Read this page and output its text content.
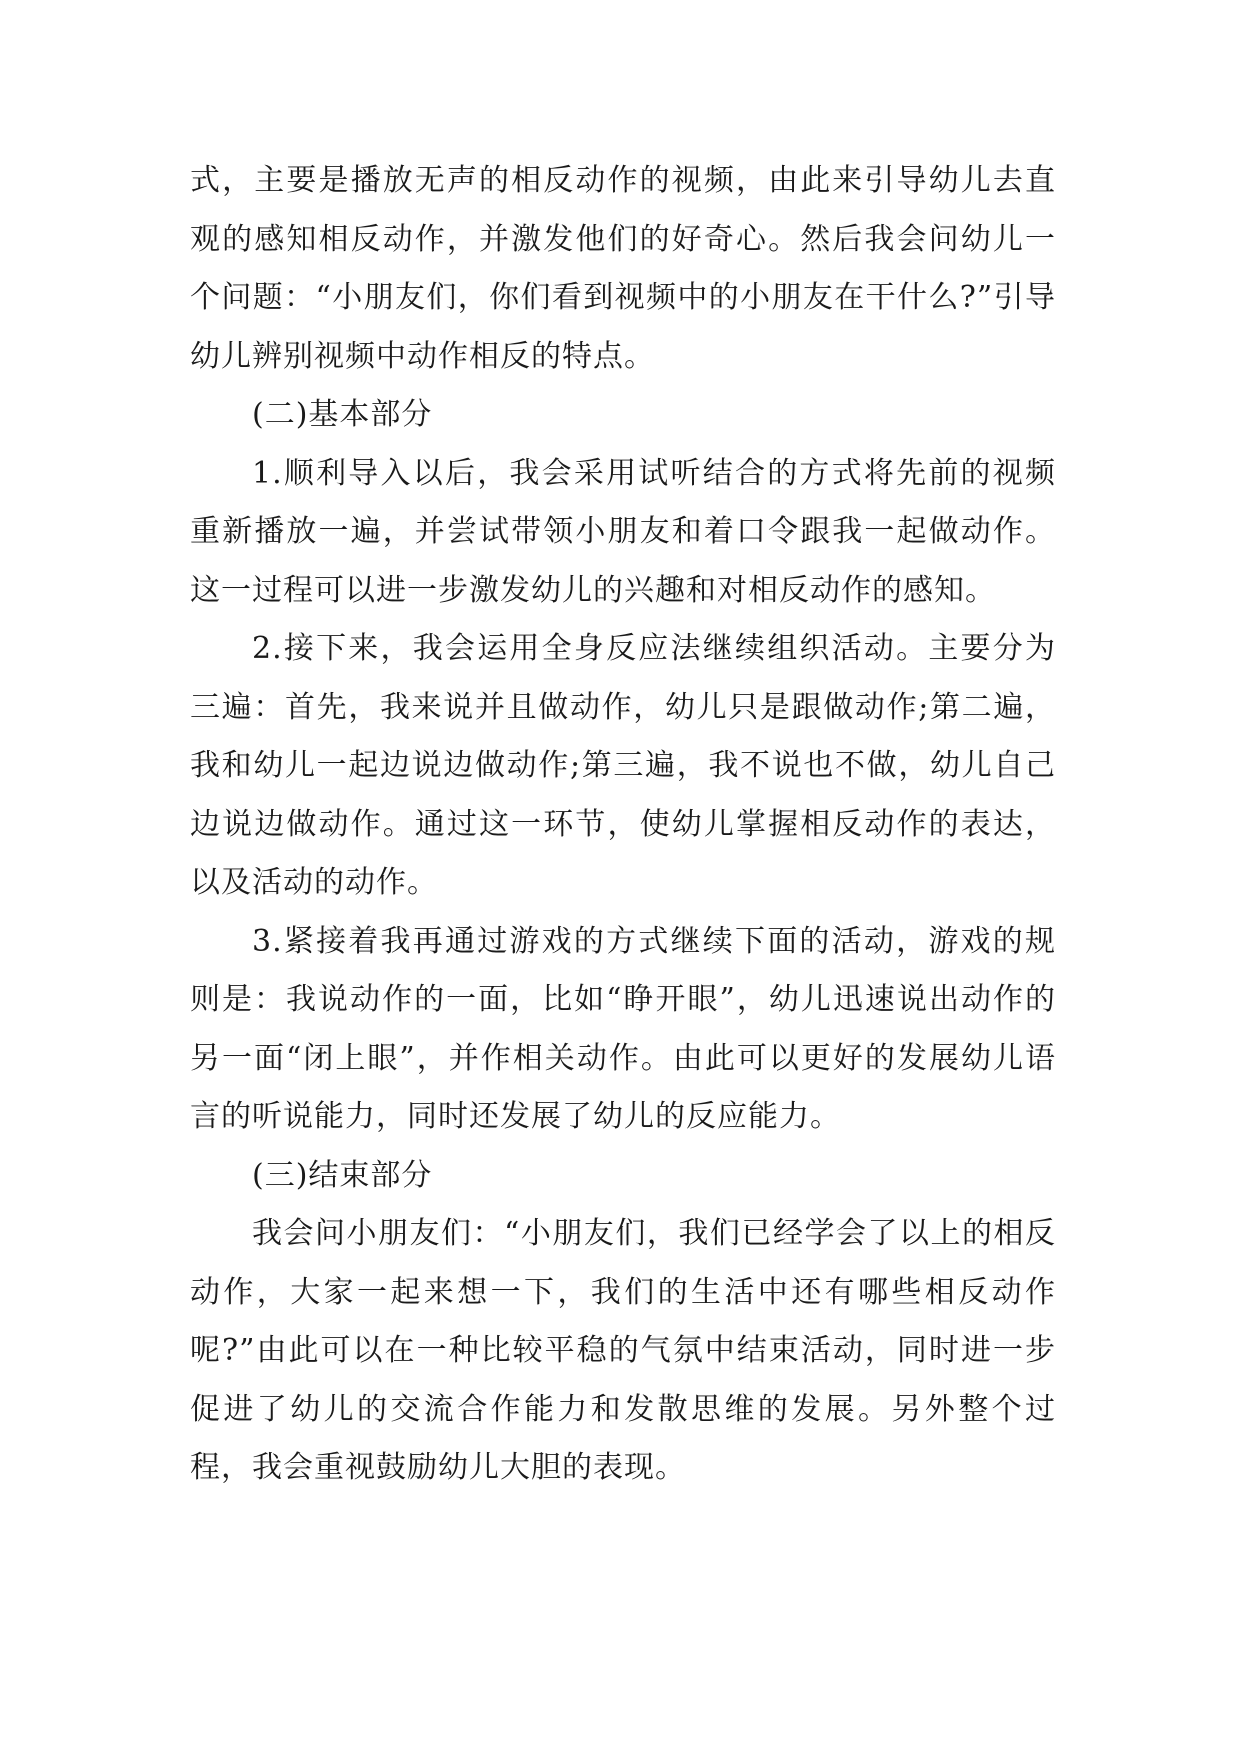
式，主要是播放无声的相反动作的视频，由此来引导幼儿去直观的感知相反动作，并激发他们的好奇心。然后我会问幼儿一个问题：“小朋友们，你们看到视频中的小朋友在干什么?”引导幼儿辨别视频中动作相反的特点。

(二)基本部分

1.顺利导入以后，我会采用试听结合的方式将先前的视频重新播放一遍，并尝试带领小朋友和着口令跟我一起做动作。这一过程可以进一步激发幼儿的兴趣和对相反动作的感知。

2.接下来，我会运用全身反应法继续组织活动。主要分为三遍：首先，我来说并且做动作，幼儿只是跟做动作;第二遍，我和幼儿一起边说边做动作;第三遍，我不说也不做，幼儿自己边说边做动作。通过这一环节，使幼儿掌握相反动作的表达，以及活动的动作。

3.紧接着我再通过游戏的方式继续下面的活动，游戏的规则是：我说动作的一面，比如“睁开眼”，幼儿迅速说出动作的另一面“闭上眼”，并作相关动作。由此可以更好的发展幼儿语言的听说能力，同时还发展了幼儿的反应能力。

(三)结束部分

我会问小朋友们：“小朋友们，我们已经学会了以上的相反动作，大家一起来想一下，我们的生活中还有哪些相反动作呢?”由此可以在一种比较平稳的气氛中结束活动，同时进一步促进了幼儿的交流合作能力和发散思维的发展。另外整个过程，我会重视鼓励幼儿大胆的表现。
